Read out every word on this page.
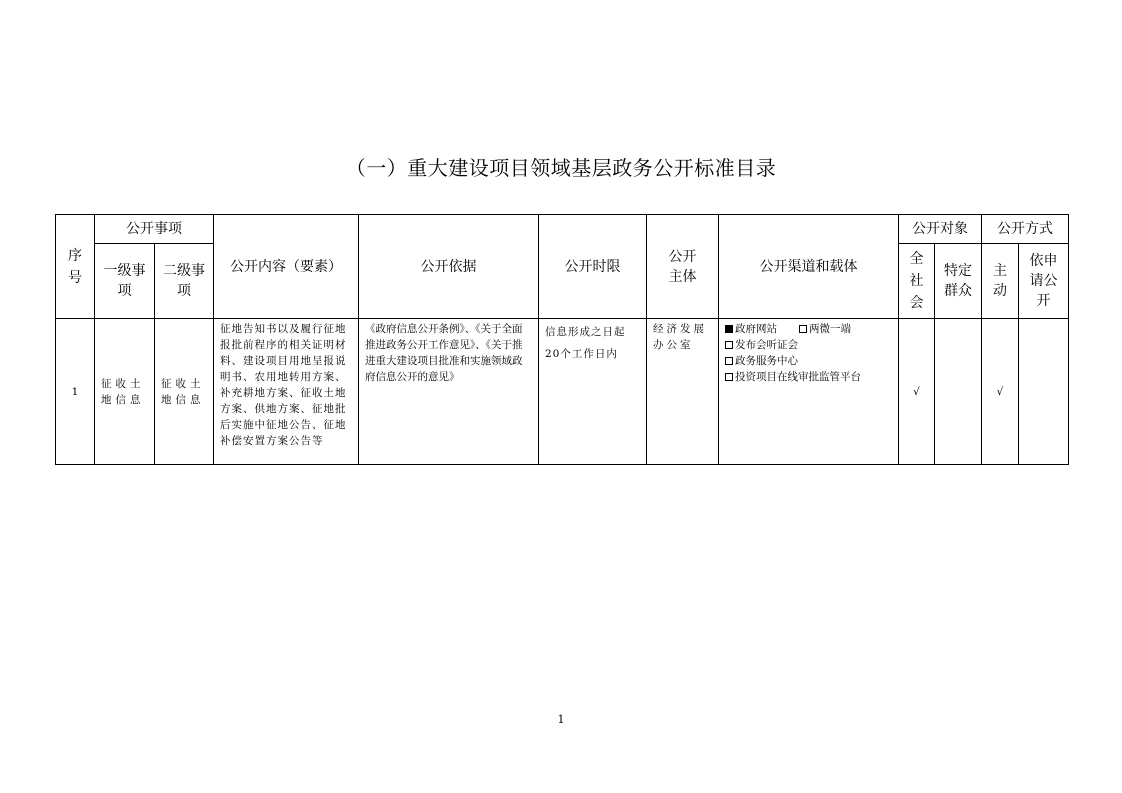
（一）重大建设项目领域基层政务公开标准目录
序号	公开事项		公开内容（要素）	公开依据	公开时限	公开主体	公开渠道和载体	公开对象		公开方式	
	一级事项	二级事项						全社会	特定群众	主动	依申请公开
1	征收土地信息	征收土地信息	征地告知书以及履行征地报批前程序的相关证明材料、建设项目用地呈报说明书、农用地转用方案、补充耕地方案、征收土地方案、供地方案、征地批后实施中征地公告、征地补偿安置方案公告等	《政府信息公开条例》、《关于全面推进政务公开工作意见》、《关于推进重大建设项目批准和实施领域政府信息公开的意见》	信息形成之日起20个工作日内	经济发展办公室	政府网站 两微一端
发布会听证会
政务服务中心
投资项目在线审批监管平台	√		√	
1
